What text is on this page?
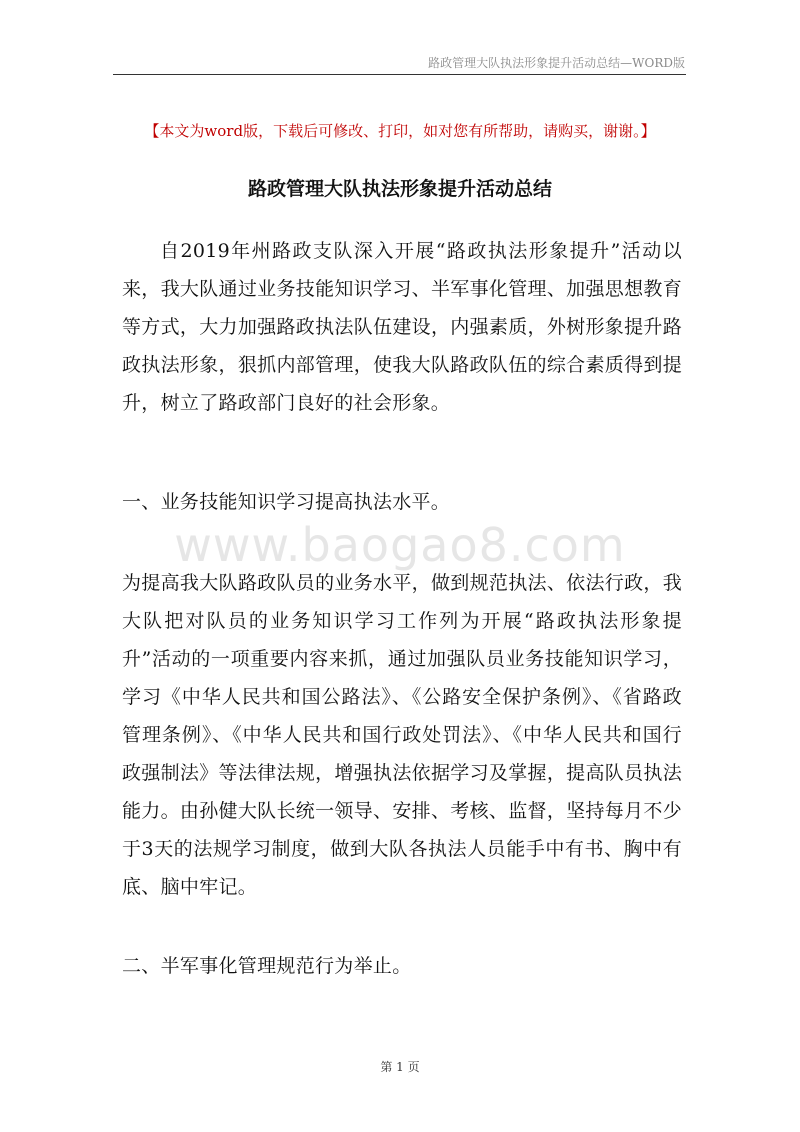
路政管理大队执法形象提升活动总结—WORD版
【本文为word版，下载后可修改、打印，如对您有所帮助，请购买，谢谢。】
路政管理大队执法形象提升活动总结

自2019年州路政支队深入开展“路政执法形象提升”活动以来，我大队通过业务技能知识学习、半军事化管理、加强思想教育等方式，大力加强路政执法队伍建设，内强素质，外树形象提升路政执法形象，狠抓内部管理，使我大队路政队伍的综合素质得到提升，树立了路政部门良好的社会形象。

一、业务技能知识学习提高执法水平。

www.baogao8.com

为提高我大队路政队员的业务水平，做到规范执法、依法行政，我大队把对队员的业务知识学习工作列为开展“路政执法形象提升”活动的一项重要内容来抓，通过加强队员业务技能知识学习，学习《中华人民共和国公路法》、《公路安全保护条例》、《省路政管理条例》、《中华人民共和国行政处罚法》、《中华人民共和国行政强制法》等法律法规，增强执法依据学习及掌握，提高队员执法能力。由孙健大队长统一领导、安排、考核、监督，坚持每月不少于3天的法规学习制度，做到大队各执法人员能手中有书、胸中有底、脑中牢记。

二、半军事化管理规范行为举止。

第 1 页
